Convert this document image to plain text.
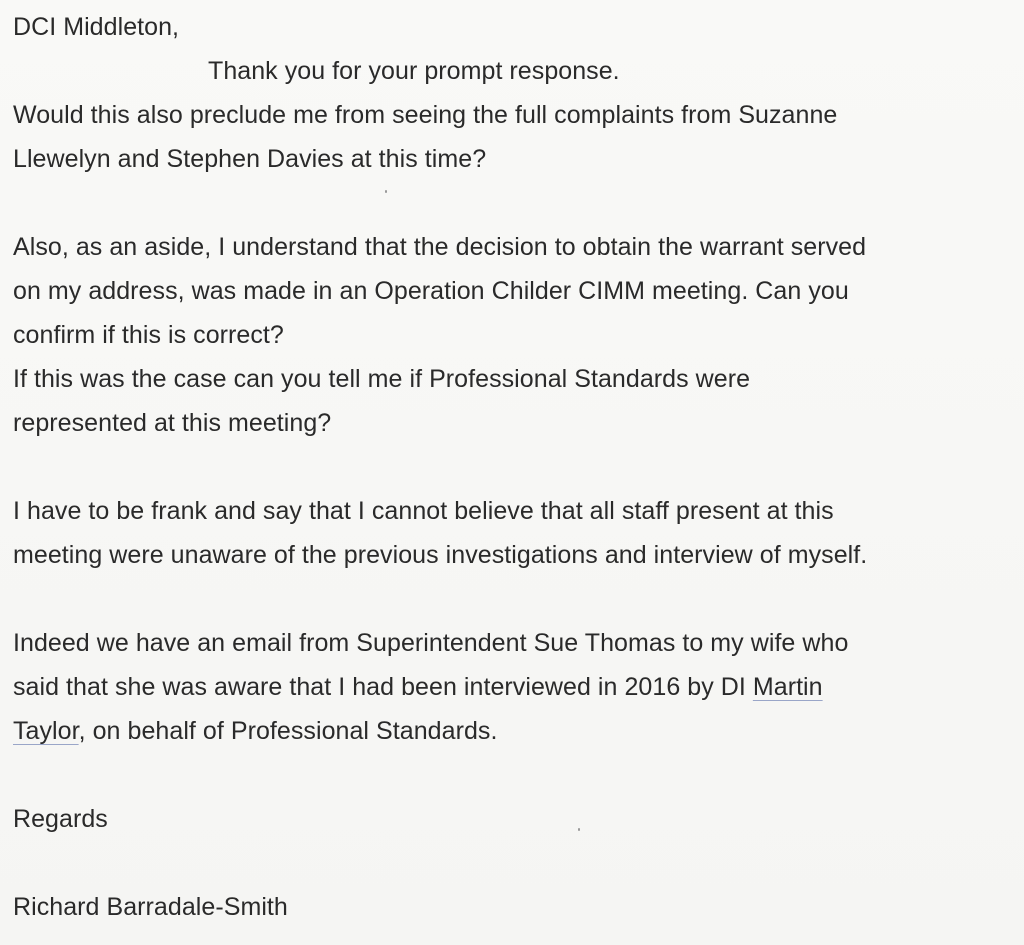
DCI Middleton,
Thank you for your prompt response.
Would this also preclude me from seeing the full complaints from Suzanne
Llewelyn and Stephen Davies at this time?
Also, as an aside, I understand that the decision to obtain the warrant served
on my address, was made in an Operation Childer CIMM meeting. Can you
confirm if this is correct?
If this was the case can you tell me if Professional Standards were
represented at this meeting?
I have to be frank and say that I cannot believe that all staff present at this
meeting were unaware of the previous investigations and interview of myself.
Indeed we have an email from Superintendent Sue Thomas to my wife who
said that she was aware that I had been interviewed in 2016 by DI Martin
Taylor, on behalf of Professional Standards.
Regards
Richard Barradale-Smith
